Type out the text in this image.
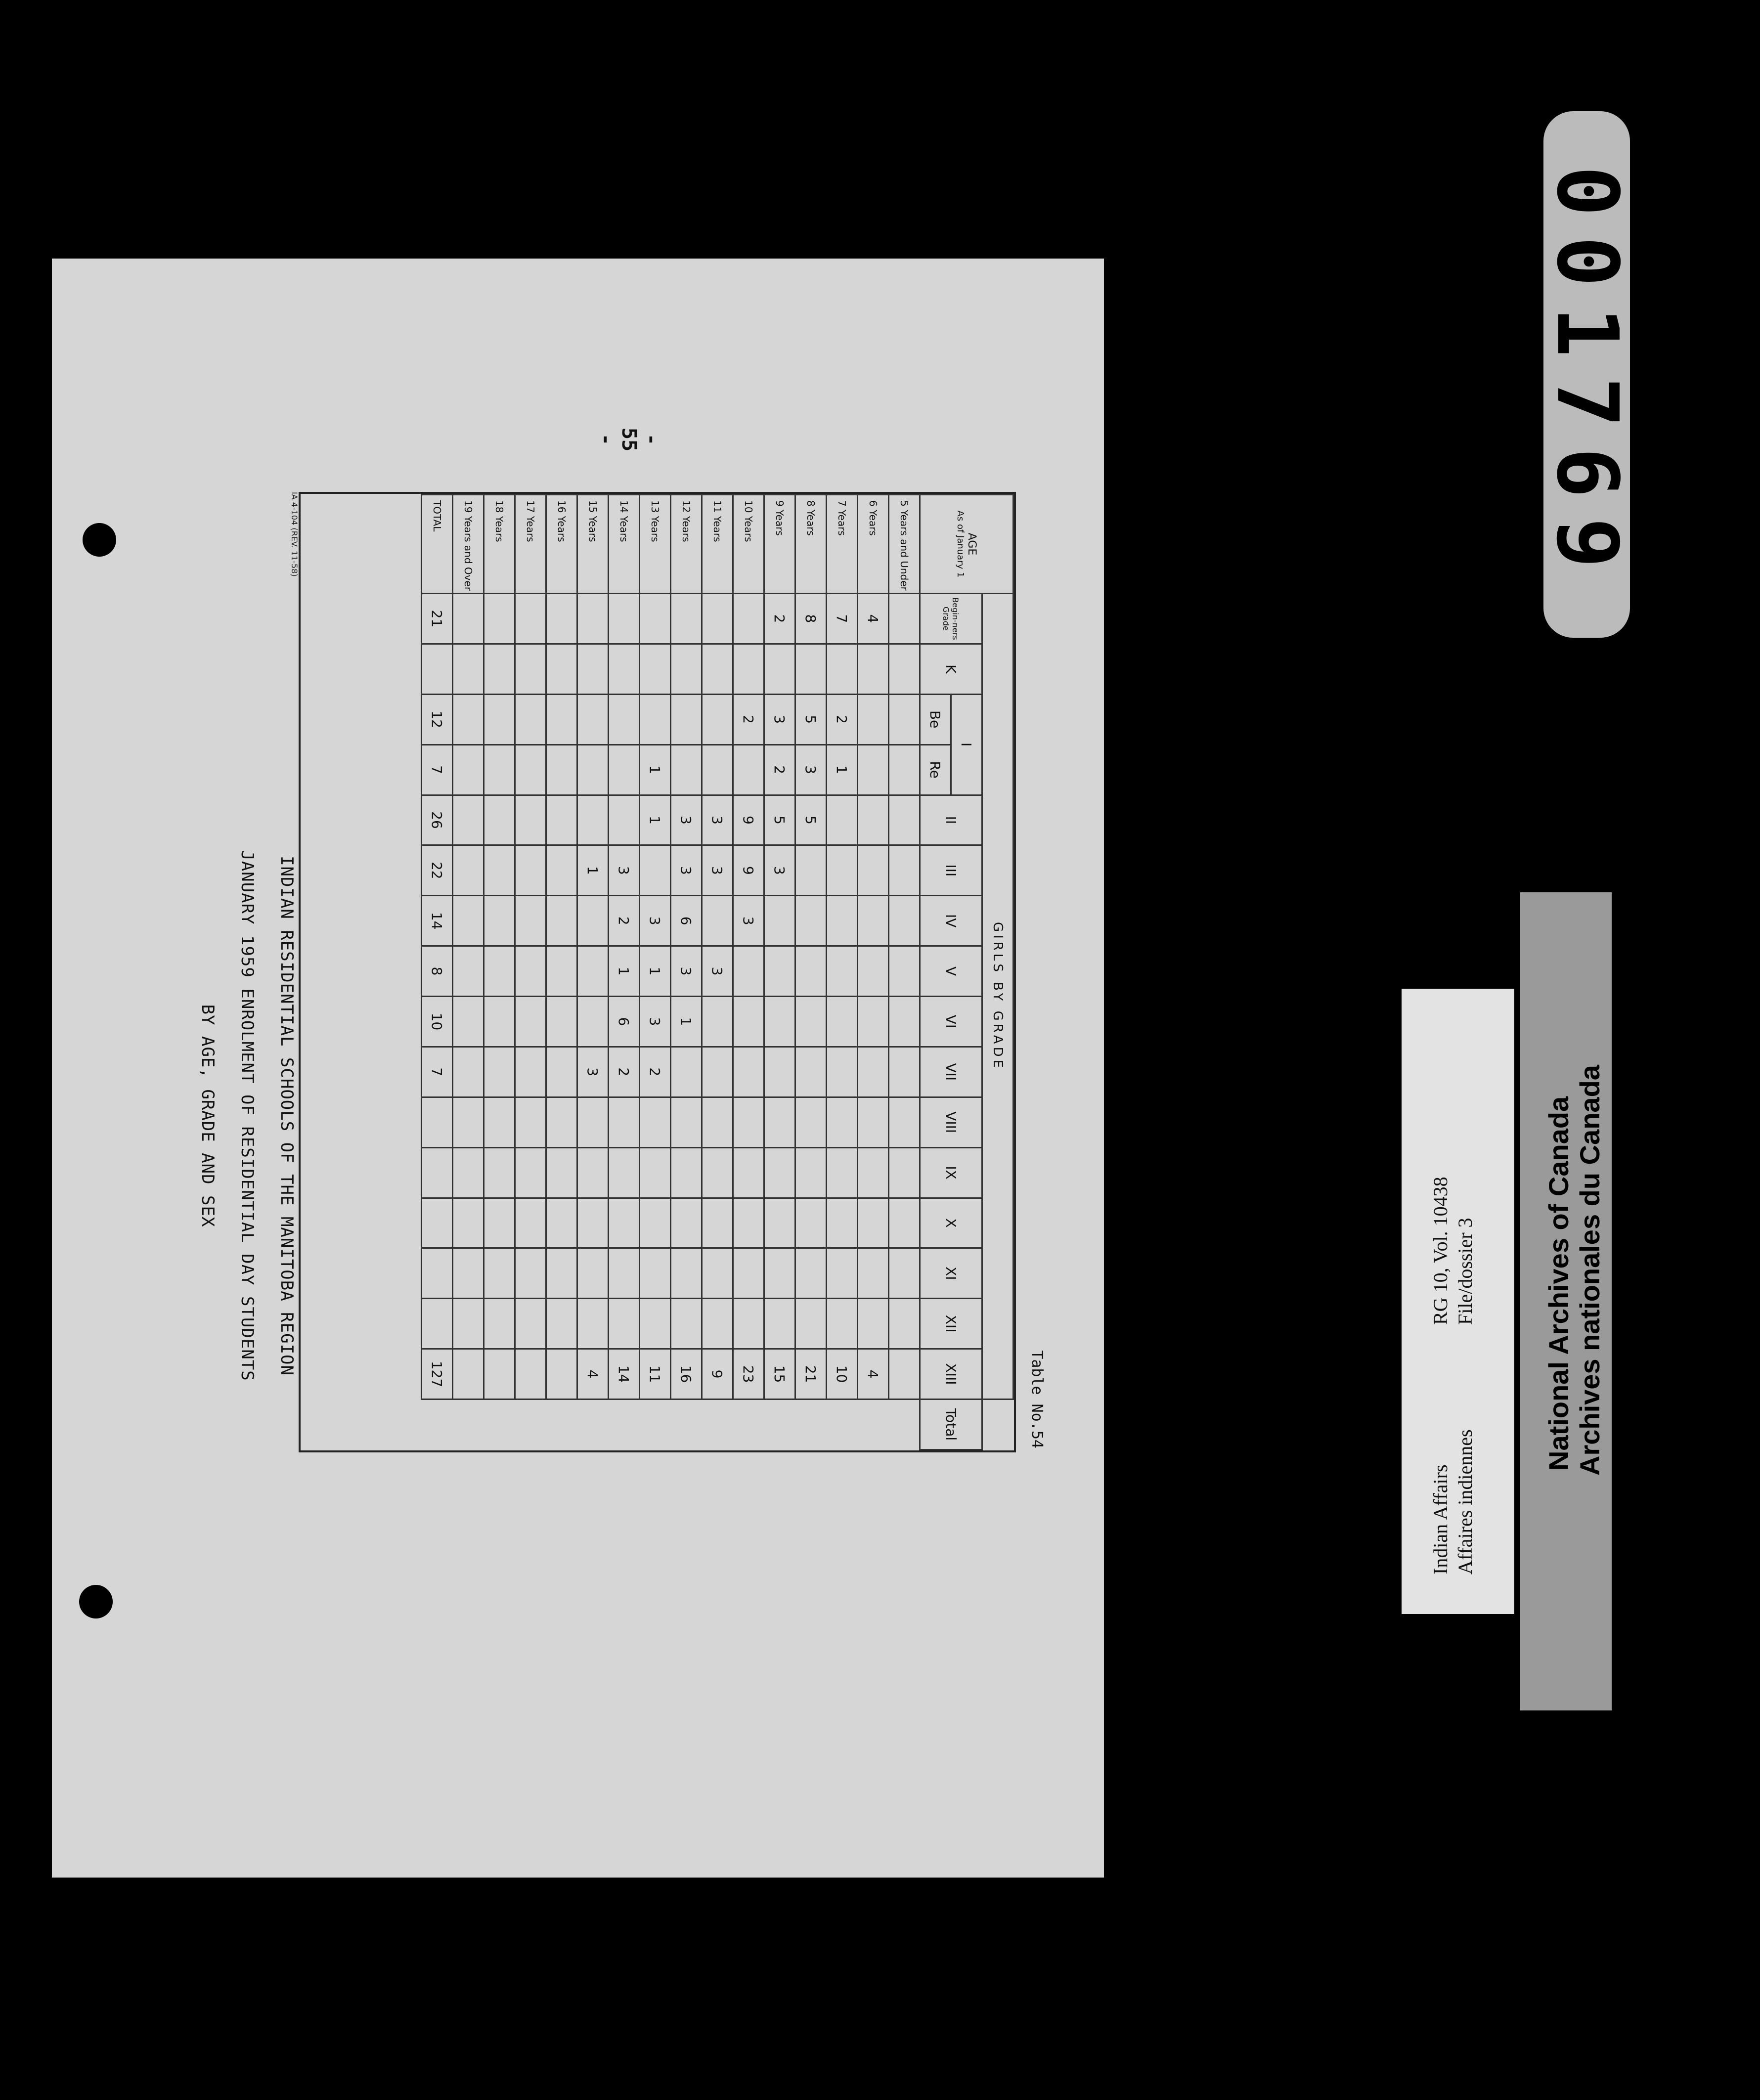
- 55 -
INDIAN RESIDENTIAL SCHOOLS OF THE MANITOBA REGION
JANUARY 1959 ENROLMENT OF RESIDENTIAL DAY STUDENTS
BY AGE, GRADE AND SEX
Table No.54
AGE
As of January 1	GIRLS BY GRADE																
	Begin-ners Grade	K	I		II	III	IV	V	VI	VII	VIII	IX	X	XI	XII	XIII	Total
			Be	Re													
5 Years and Under																	
6 Years	4															4	
7 Years	7		2	1												10	
8 Years	8		5	3	5											21	
9 Years	2		3	2	5	3										15	
10 Years			2		9	9	3									23	
11 Years					3	3		3								9	
12 Years					3	3	6	3	1							16	
13 Years				1	1		3	1	3	2						11	
14 Years						3	2	1	6	2						14	
15 Years						1				3						4	
16 Years																	
17 Years																	
18 Years																	
19 Years and Over																	
TOTAL	21		12	7	26	22	14	8	10	7						127	
IA 4-104 (REV. 11-58)	001769
Indian Affairs Affaires indiennes
RG 10, Vol. 10438 File/dossier 3 National Archives of Canada Archives nationales du Canada
